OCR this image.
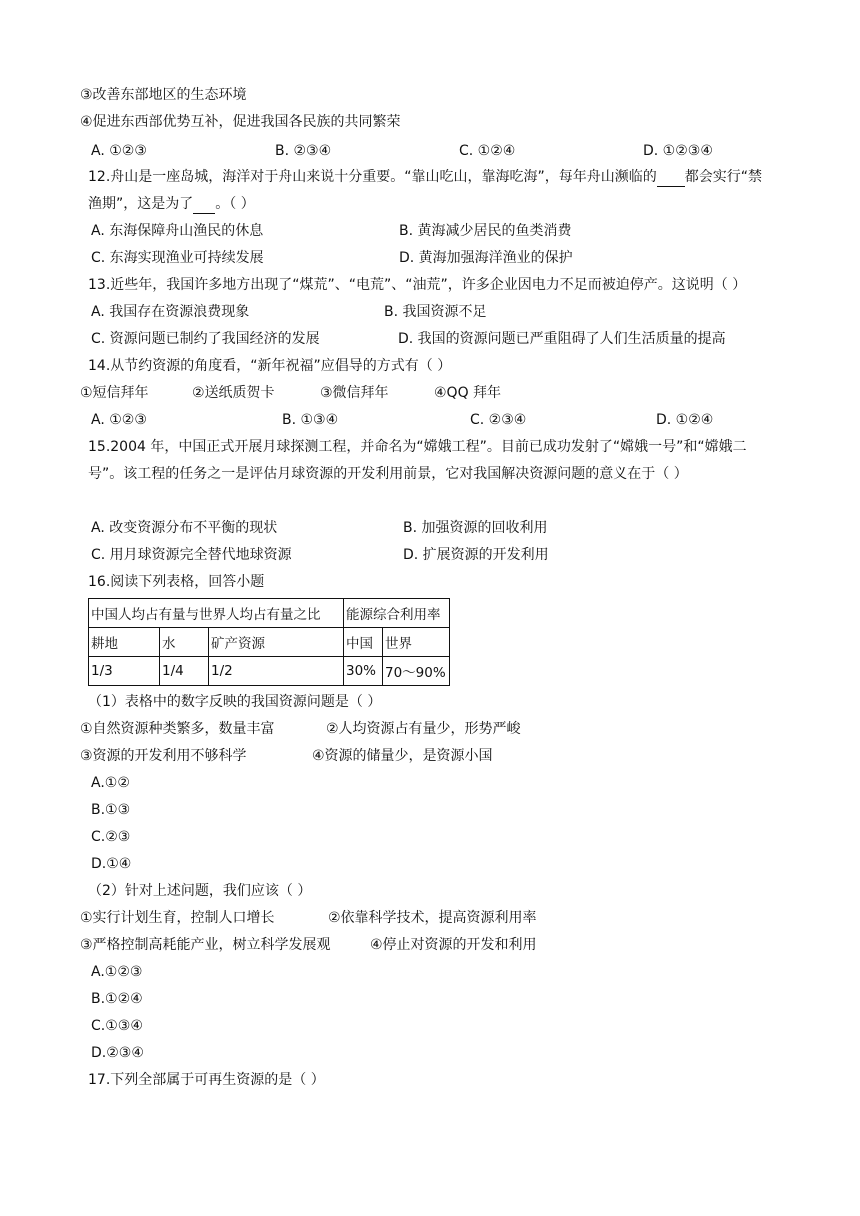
③改善东部地区的生态环境
④促进东西部优势互补，促进我国各民族的共同繁荣
A. ①②③	B. ②③④	C. ①②④	D. ①②③④
12.舟山是一座岛城，海洋对于舟山来说十分重要。“靠山吃山，靠海吃海”，每年舟山濒临的 都会实行“禁
渔期”，这是为了 。（ ）
A. 东海保障舟山渔民的休息	B. 黄海减少居民的鱼类消费
C. 东海实现渔业可持续发展	D. 黄海加强海洋渔业的保护
13.近些年，我国许多地方出现了“煤荒”、“电荒”、“油荒”，许多企业因电力不足而被迫停产。这说明（ ）
A. 我国存在资源浪费现象	B. 我国资源不足
C. 资源问题已制约了我国经济的发展	D. 我国的资源问题已严重阻碍了人们生活质量的提高
14.从节约资源的角度看，“新年祝福”应倡导的方式有（ ）
①短信拜年	②送纸质贺卡	③微信拜年	④QQ 拜年
A. ①②③	B. ①③④	C. ②③④	D. ①②④
15.2004 年，中国正式开展月球探测工程，并命名为“嫦娥工程”。目前已成功发射了“嫦娥一号”和“嫦娥二
号”。该工程的任务之一是评估月球资源的开发利用前景，它对我国解决资源问题的意义在于（ ）
A. 改变资源分布不平衡的现状	B. 加强资源的回收利用
C. 用月球资源完全替代地球资源	D. 扩展资源的开发利用
16.阅读下列表格，回答小题
中国人均占有量与世界人均占有量之比			能源综合利用率	
耕地	水	矿产资源	中国	世界
1/3	1/4	1/2	30%	70～90%
（1）表格中的数字反映的我国资源问题是（ ）
①自然资源种类繁多，数量丰富	②人均资源占有量少，形势严峻
③资源的开发利用不够科学	④资源的储量少，是资源小国
A.①②
B.①③
C.②③
D.①④
（2）针对上述问题，我们应该（ ）
①实行计划生育，控制人口增长	②依靠科学技术，提高资源利用率
③严格控制高耗能产业，树立科学发展观	④停止对资源的开发和利用
A.①②③
B.①②④
C.①③④
D.②③④
17.下列全部属于可再生资源的是（ ）
